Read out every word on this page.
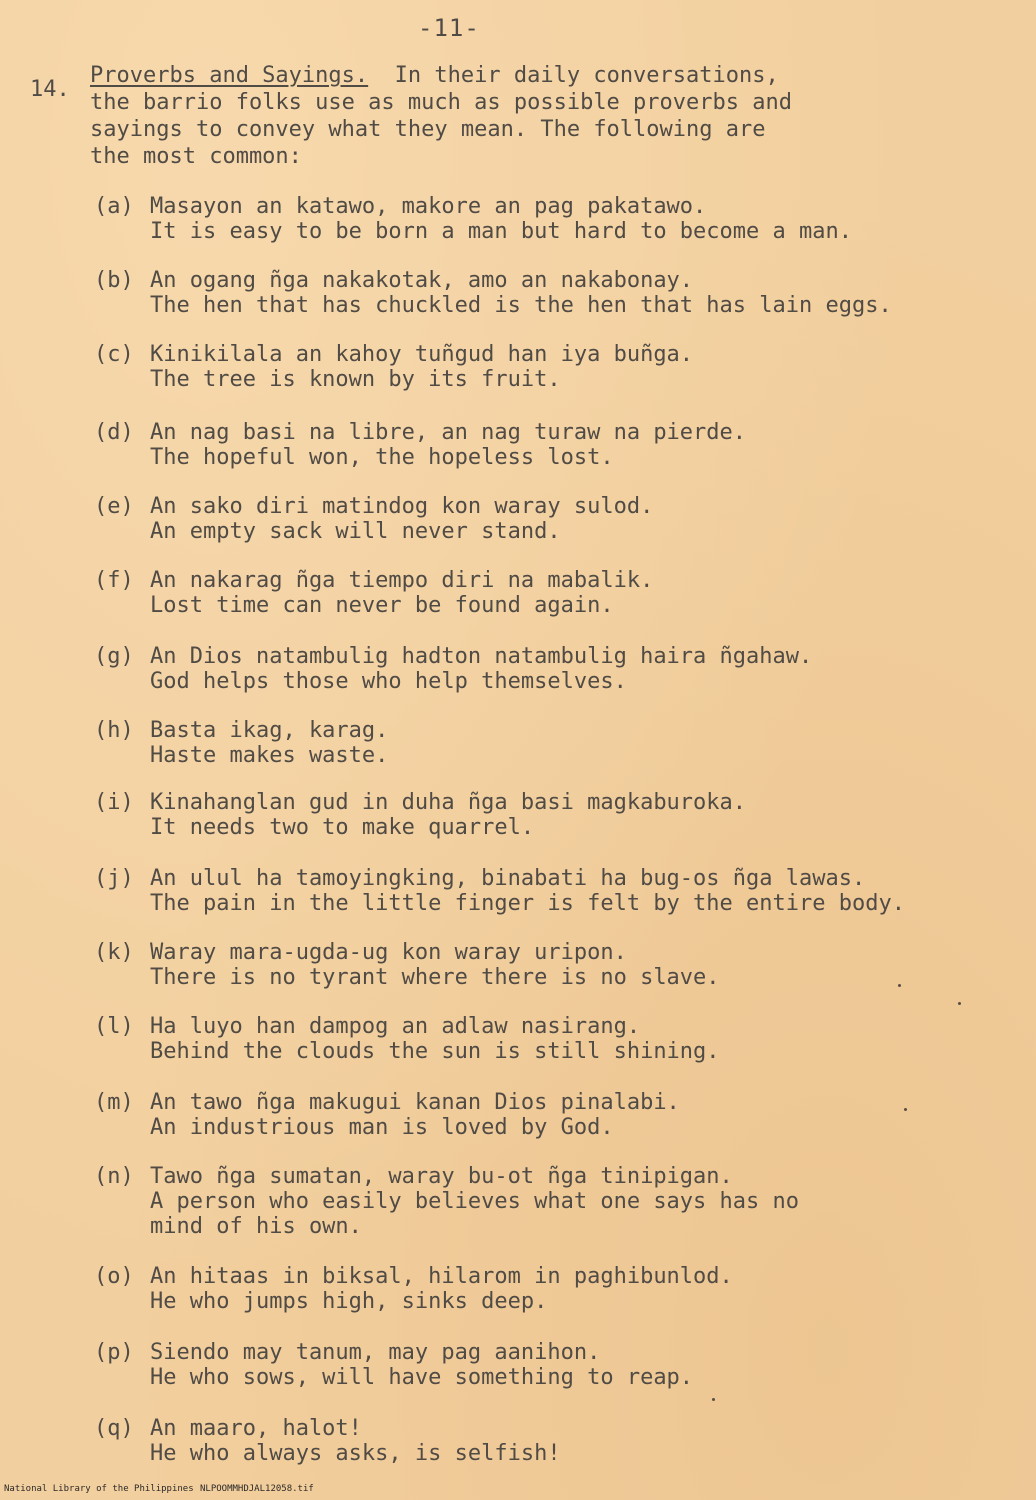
-11-
14.
Proverbs and Sayings.  In their daily conversations,
the barrio folks use as much as possible proverbs and
sayings to convey what they mean. The following are
the most common:
(a) Masayon an katawo, makore an pag pakatawo.
It is easy to be born a man but hard to become a man.
(b) An ogang ñga nakakotak, amo an nakabonay.
The hen that has chuckled is the hen that has lain eggs.
(c) Kinikilala an kahoy tuñgud han iya buñga.
The tree is known by its fruit.
(d) An nag basi na libre, an nag turaw na pierde.
The hopeful won, the hopeless lost.
(e) An sako diri matindog kon waray sulod.
An empty sack will never stand.
(f) An nakarag ñga tiempo diri na mabalik.
Lost time can never be found again.
(g) An Dios natambulig hadton natambulig haira ñgahaw.
God helps those who help themselves.
(h) Basta ikag, karag.
Haste makes waste.
(i) Kinahanglan gud in duha ñga basi magkaburoka.
It needs two to make quarrel.
(j) An ulul ha tamoyingking, binabati ha bug-os ñga lawas.
The pain in the little finger is felt by the entire body.
(k) Waray mara-ugda-ug kon waray uripon.
There is no tyrant where there is no slave.
(l) Ha luyo han dampog an adlaw nasirang.
Behind the clouds the sun is still shining.
(m) An tawo ñga makugui kanan Dios pinalabi.
An industrious man is loved by God.
(n) Tawo ñga sumatan, waray bu-ot ñga tinipigan.
A person who easily believes what one says has no
mind of his own.
(o) An hitaas in biksal, hilarom in paghibunlod.
He who jumps high, sinks deep.
(p) Siendo may tanum, may pag aanihon.
He who sows, will have something to reap.
(q) An maaro, halot!
He who always asks, is selfish!
National Library of the Philippines NLPOOMMHDJAL12058.tif
